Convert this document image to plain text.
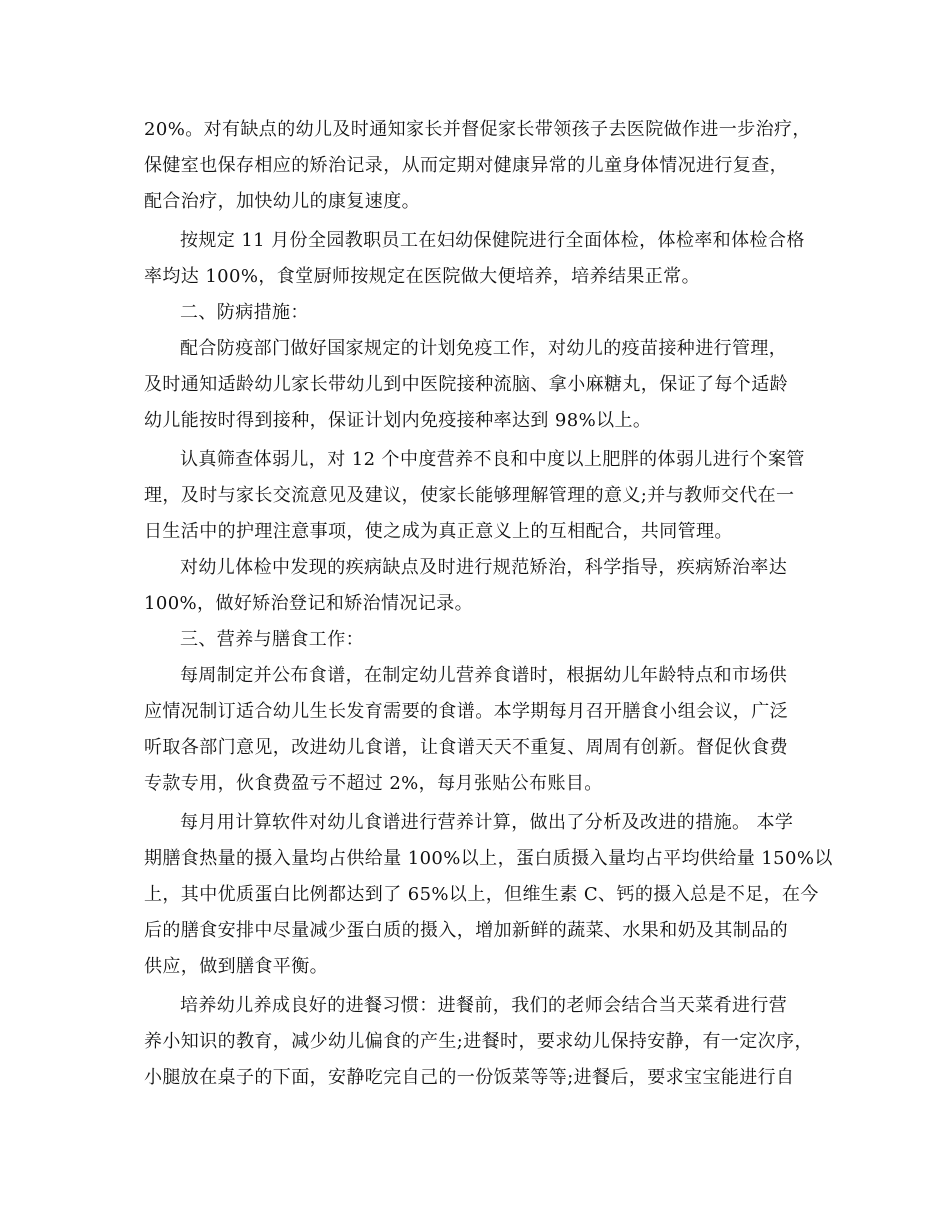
20%。对有缺点的幼儿及时通知家长并督促家长带领孩子去医院做作进一步治疗，
保健室也保存相应的矫治记录，从而定期对健康异常的儿童身体情况进行复查，
配合治疗，加快幼儿的康复速度。
按规定 11 月份全园教职员工在妇幼保健院进行全面体检，体检率和体检合格
率均达 100%，食堂厨师按规定在医院做大便培养，培养结果正常。
二、防病措施：
配合防疫部门做好国家规定的计划免疫工作，对幼儿的疫苗接种进行管理，
及时通知适龄幼儿家长带幼儿到中医院接种流脑、拿小麻糖丸，保证了每个适龄
幼儿能按时得到接种，保证计划内免疫接种率达到 98%以上。
认真筛查体弱儿，对 12 个中度营养不良和中度以上肥胖的体弱儿进行个案管
理，及时与家长交流意见及建议，使家长能够理解管理的意义;并与教师交代在一
日生活中的护理注意事项，使之成为真正意义上的互相配合，共同管理。
对幼儿体检中发现的疾病缺点及时进行规范矫治，科学指导，疾病矫治率达
100%，做好矫治登记和矫治情况记录。
三、营养与膳食工作：
每周制定并公布食谱，在制定幼儿营养食谱时，根据幼儿年龄特点和市场供
应情况制订适合幼儿生长发育需要的食谱。本学期每月召开膳食小组会议，广泛
听取各部门意见，改进幼儿食谱，让食谱天天不重复、周周有创新。督促伙食费
专款专用，伙食费盈亏不超过 2%，每月张贴公布账目。
每月用计算软件对幼儿食谱进行营养计算，做出了分析及改进的措施。 本学
期膳食热量的摄入量均占供给量 100%以上，蛋白质摄入量均占平均供给量 150%以
上，其中优质蛋白比例都达到了 65%以上，但维生素 C、钙的摄入总是不足，在今
后的膳食安排中尽量减少蛋白质的摄入，增加新鲜的蔬菜、水果和奶及其制品的
供应，做到膳食平衡。
培养幼儿养成良好的进餐习惯：进餐前，我们的老师会结合当天菜肴进行营
养小知识的教育，减少幼儿偏食的产生;进餐时，要求幼儿保持安静，有一定次序，
小腿放在桌子的下面，安静吃完自己的一份饭菜等等;进餐后，要求宝宝能进行自
